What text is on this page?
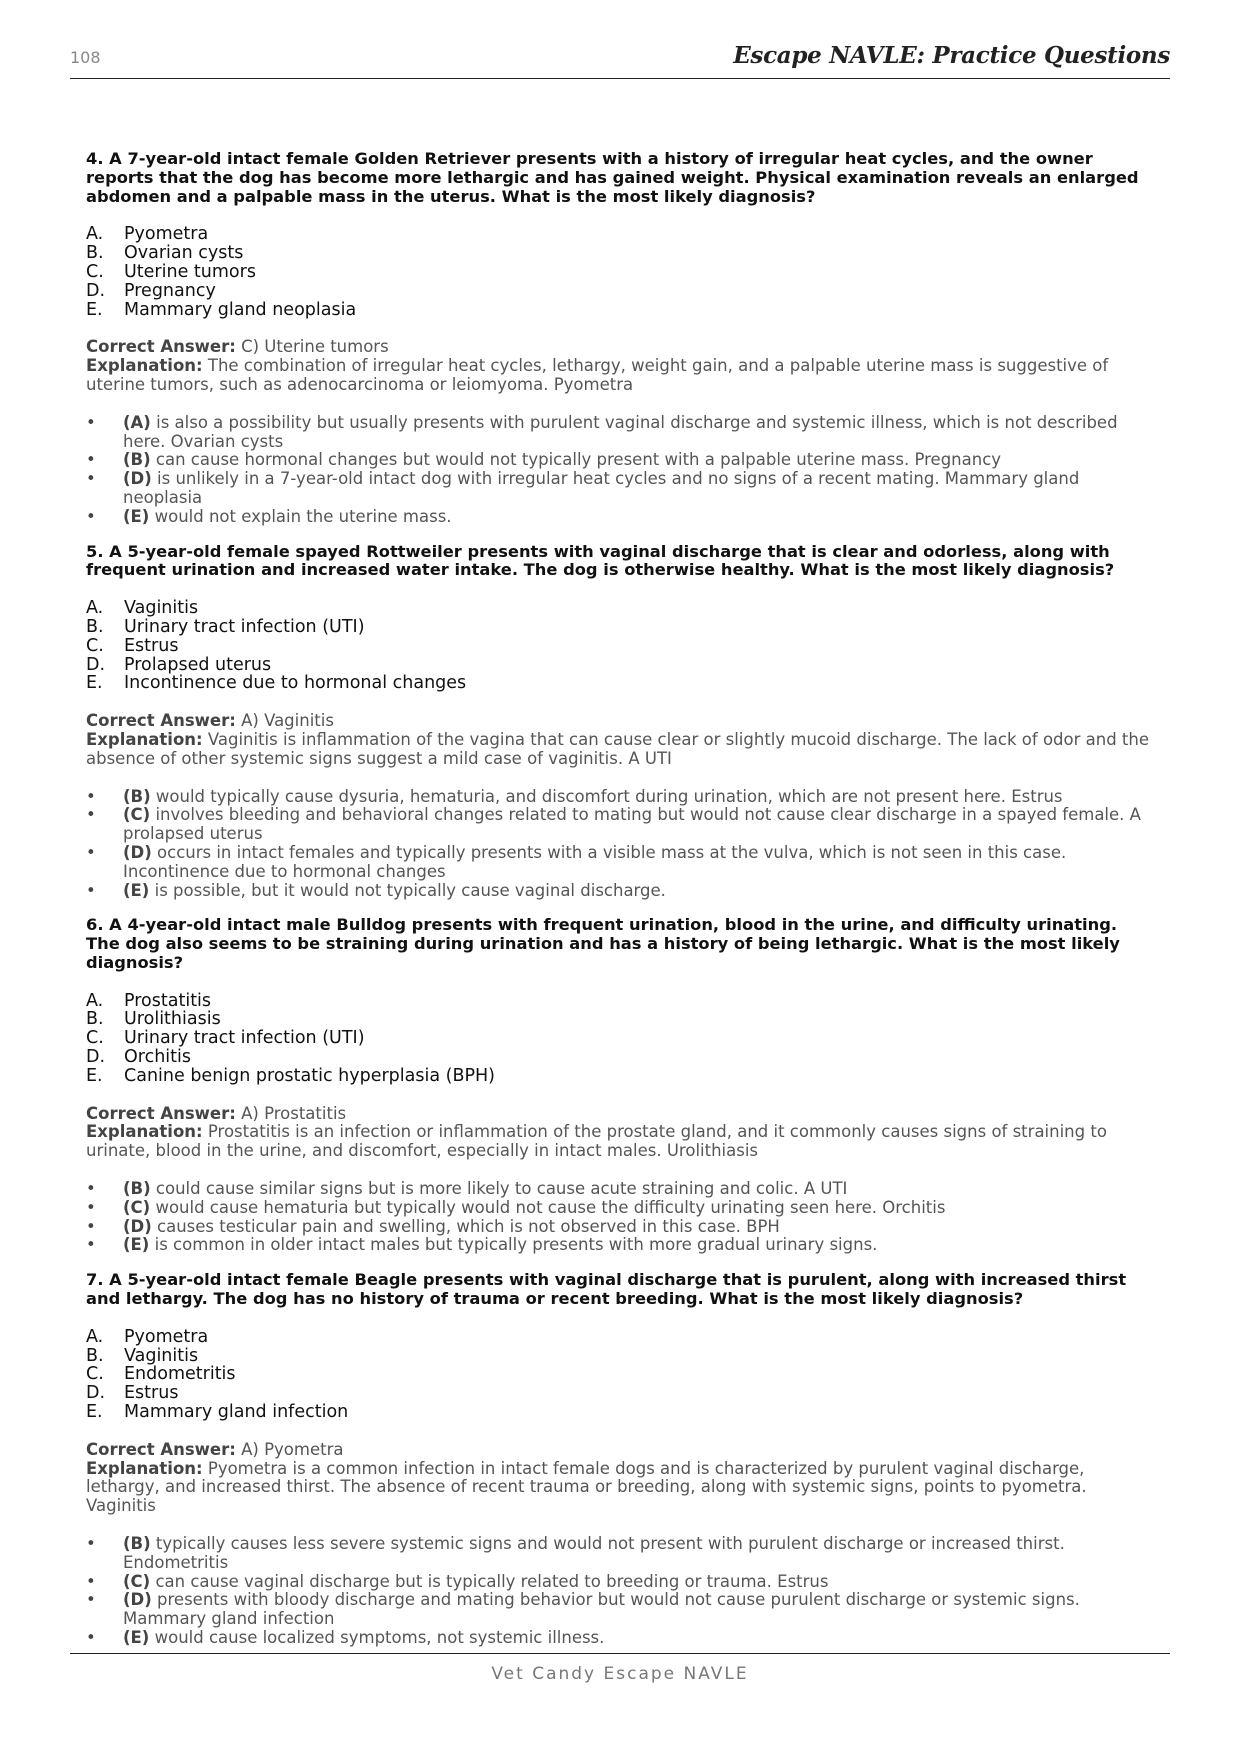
108	Escape NAVLE: Practice Questions

4. A 7-year-old intact female Golden Retriever presents with a history of irregular heat cycles, and the owner reports that the dog has become more lethargic and has gained weight. Physical examination reveals an enlarged abdomen and a palpable mass in the uterus. What is the most likely diagnosis?

A. Pyometra
B. Ovarian cysts
C. Uterine tumors
D. Pregnancy
E. Mammary gland neoplasia
Correct Answer: C) Uterine tumors
Explanation: The combination of irregular heat cycles, lethargy, weight gain, and a palpable uterine mass is suggestive of uterine tumors, such as adenocarcinoma or leiomyoma. Pyometra
• (A) is also a possibility but usually presents with purulent vaginal discharge and systemic illness, which is not described here. Ovarian cysts
• (B) can cause hormonal changes but would not typically present with a palpable uterine mass. Pregnancy
• (D) is unlikely in a 7-year-old intact dog with irregular heat cycles and no signs of a recent mating. Mammary gland neoplasia
• (E) would not explain the uterine mass.

5. A 5-year-old female spayed Rottweiler presents with vaginal discharge that is clear and odorless, along with frequent urination and increased water intake. The dog is otherwise healthy. What is the most likely diagnosis?

A. Vaginitis
B. Urinary tract infection (UTI)
C. Estrus
D. Prolapsed uterus
E. Incontinence due to hormonal changes
Correct Answer: A) Vaginitis
Explanation: Vaginitis is inflammation of the vagina that can cause clear or slightly mucoid discharge. The lack of odor and the absence of other systemic signs suggest a mild case of vaginitis. A UTI
• (B) would typically cause dysuria, hematuria, and discomfort during urination, which are not present here. Estrus
• (C) involves bleeding and behavioral changes related to mating but would not cause clear discharge in a spayed female. A prolapsed uterus
• (D) occurs in intact females and typically presents with a visible mass at the vulva, which is not seen in this case. Incontinence due to hormonal changes
• (E) is possible, but it would not typically cause vaginal discharge.

6. A 4-year-old intact male Bulldog presents with frequent urination, blood in the urine, and difficulty urinating. The dog also seems to be straining during urination and has a history of being lethargic. What is the most likely diagnosis?

A. Prostatitis
B. Urolithiasis
C. Urinary tract infection (UTI)
D. Orchitis
E. Canine benign prostatic hyperplasia (BPH)
Correct Answer: A) Prostatitis
Explanation: Prostatitis is an infection or inflammation of the prostate gland, and it commonly causes signs of straining to urinate, blood in the urine, and discomfort, especially in intact males. Urolithiasis
• (B) could cause similar signs but is more likely to cause acute straining and colic. A UTI
• (C) would cause hematuria but typically would not cause the difficulty urinating seen here. Orchitis
• (D) causes testicular pain and swelling, which is not observed in this case. BPH
• (E) is common in older intact males but typically presents with more gradual urinary signs.

7. A 5-year-old intact female Beagle presents with vaginal discharge that is purulent, along with increased thirst and lethargy. The dog has no history of trauma or recent breeding. What is the most likely diagnosis?

A. Pyometra
B. Vaginitis
C. Endometritis
D. Estrus
E. Mammary gland infection
Correct Answer: A) Pyometra
Explanation: Pyometra is a common infection in intact female dogs and is characterized by purulent vaginal discharge, lethargy, and increased thirst. The absence of recent trauma or breeding, along with systemic signs, points to pyometra. Vaginitis
• (B) typically causes less severe systemic signs and would not present with purulent discharge or increased thirst. Endometritis
• (C) can cause vaginal discharge but is typically related to breeding or trauma. Estrus
• (D) presents with bloody discharge and mating behavior but would not cause purulent discharge or systemic signs. Mammary gland infection
• (E) would cause localized symptoms, not systemic illness.
Vet Candy Escape NAVLE
